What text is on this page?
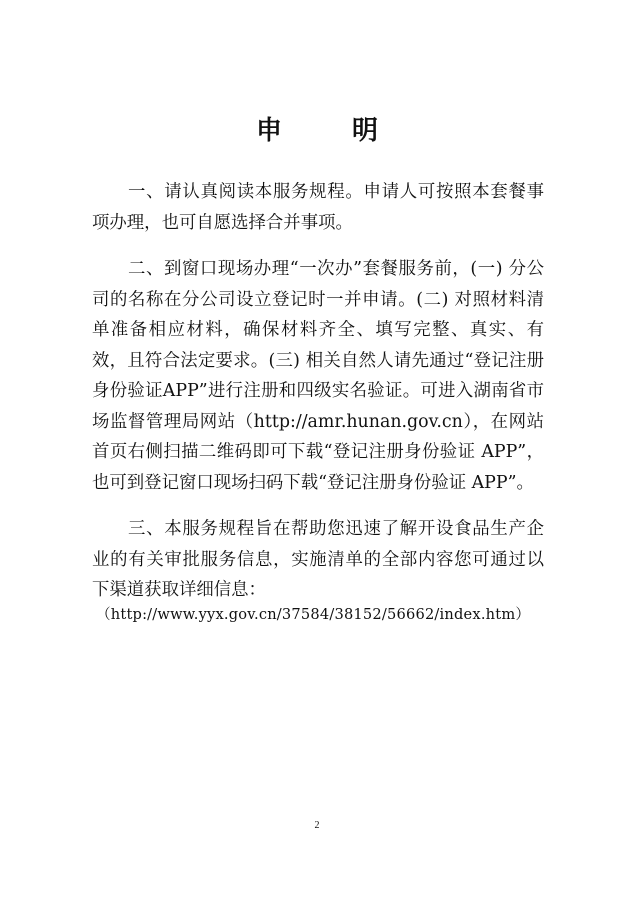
申　明

一、请认真阅读本服务规程。申请人可按照本套餐事项办理，也可自愿选择合并事项。

二、到窗口现场办理“一次办”套餐服务前，(一) 分公司的名称在分公司设立登记时一并申请。(二) 对照材料清单准备相应材料，确保材料齐全、填写完整、真实、有效，且符合法定要求。(三) 相关自然人请先通过“登记注册身份验证APP”进行注册和四级实名验证。可进入湖南省市场监督管理局网站（http://amr.hunan.gov.cn），在网站首页右侧扫描二维码即可下载“登记注册身份验证 APP”，也可到登记窗口现场扫码下载“登记注册身份验证 APP”。

三、本服务规程旨在帮助您迅速了解开设食品生产企业的有关审批服务信息，实施清单的全部内容您可通过以下渠道获取详细信息：

（http://www.yyx.gov.cn/37584/38152/56662/index.htm）
2
